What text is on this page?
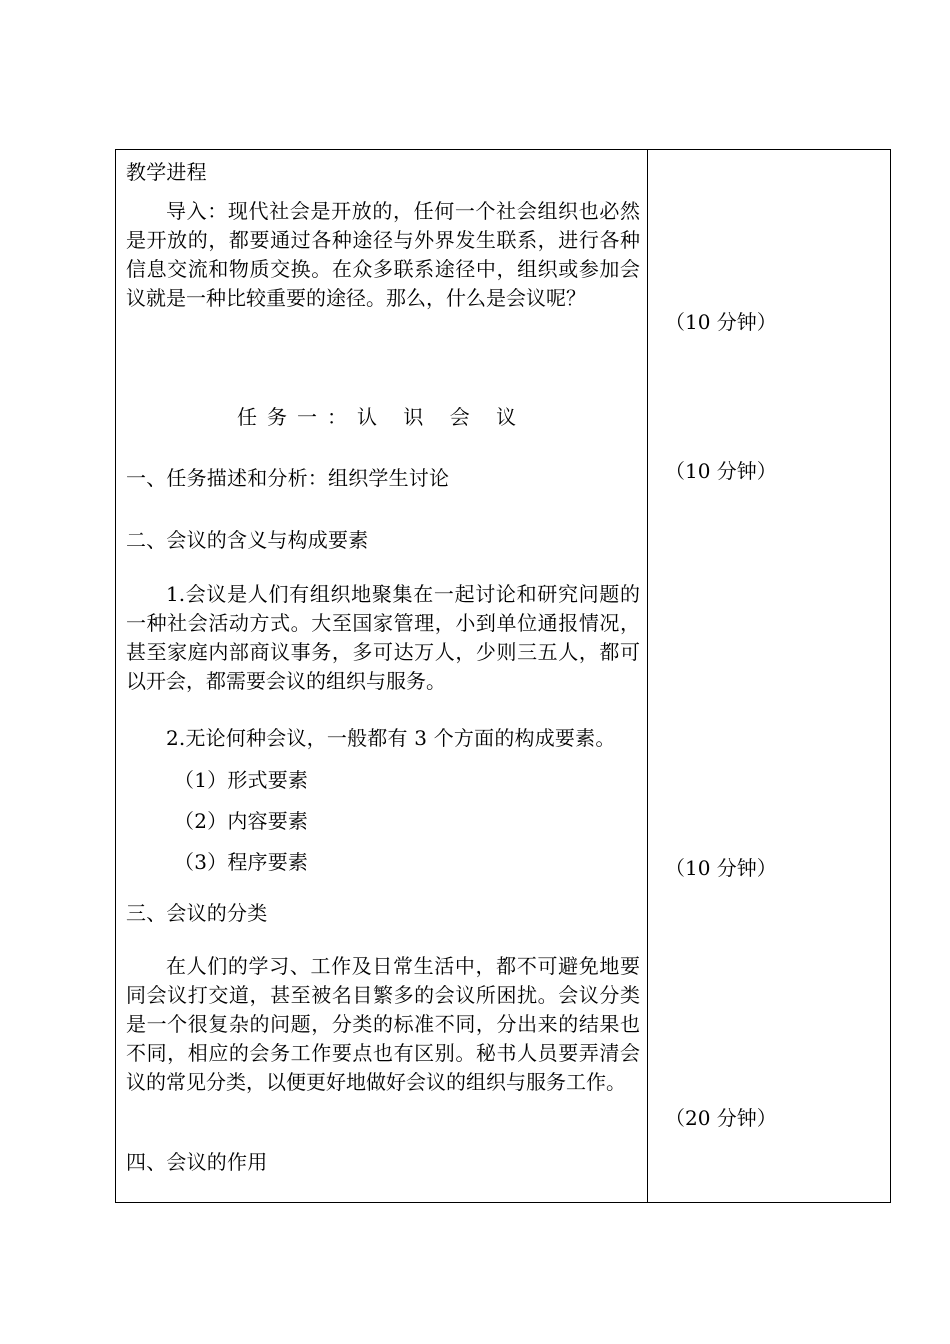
教学进程
导入：现代社会是开放的，任何一个社会组织也必然是开放的，都要通过各种途径与外界发生联系，进行各种信息交流和物质交换。在众多联系途径中，组织或参加会议就是一种比较重要的途径。那么，什么是会议呢？
任务一：认 识 会 议
一、任务描述和分析：组织学生讨论
二、会议的含义与构成要素
1.会议是人们有组织地聚集在一起讨论和研究问题的一种社会活动方式。大至国家管理，小到单位通报情况，甚至家庭内部商议事务，多可达万人，少则三五人，都可以开会，都需要会议的组织与服务。
2.无论何种会议，一般都有 3 个方面的构成要素。
（1）形式要素
（2）内容要素
（3）程序要素
三、会议的分类
在人们的学习、工作及日常生活中，都不可避免地要同会议打交道，甚至被名目繁多的会议所困扰。会议分类是一个很复杂的问题，分类的标准不同，分出来的结果也不同，相应的会务工作要点也有区别。秘书人员要弄清会议的常见分类，以便更好地做好会议的组织与服务工作。
四、会议的作用
（10 分钟）
（10 分钟）
（10 分钟）
（20 分钟）
